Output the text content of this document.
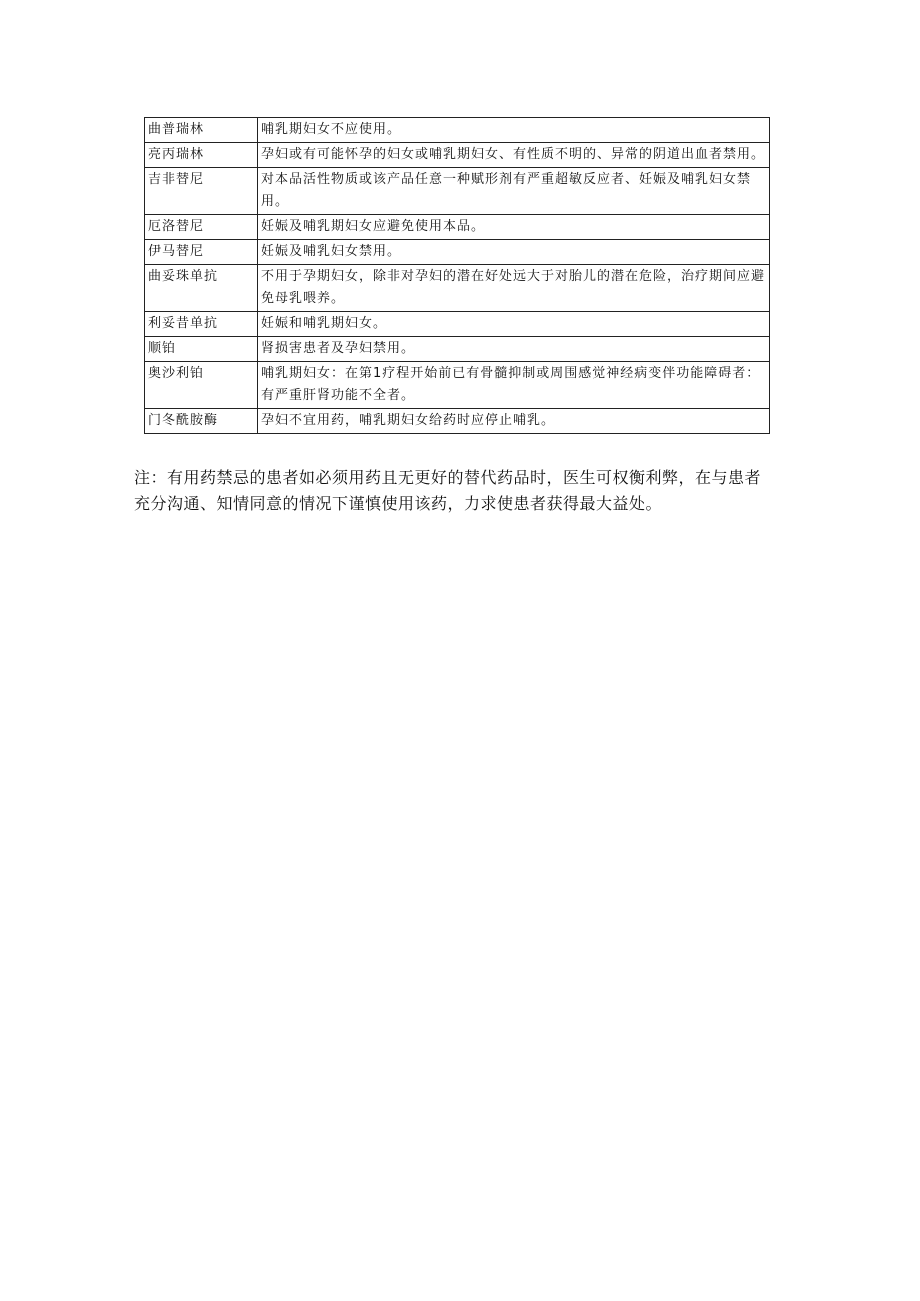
曲普瑞林	哺乳期妇女不应使用。
亮丙瑞林	孕妇或有可能怀孕的妇女或哺乳期妇女、有性质不明的、异常的阴道出血者禁用。
吉非替尼	对本品活性物质或该产品任意一种赋形剂有严重超敏反应者、妊娠及哺乳妇女禁用。
厄洛替尼	妊娠及哺乳期妇女应避免使用本品。
伊马替尼	妊娠及哺乳妇女禁用。
曲妥珠单抗	不用于孕期妇女，除非对孕妇的潜在好处远大于对胎儿的潜在危险，治疗期间应避免母乳喂养。
利妥昔单抗	妊娠和哺乳期妇女。
顺铂	肾损害患者及孕妇禁用。
奥沙利铂	哺乳期妇女：在第1疗程开始前已有骨髓抑制或周围感觉神经病变伴功能障碍者：有严重肝肾功能不全者。
门冬酰胺酶	孕妇不宜用药，哺乳期妇女给药时应停止哺乳。

注：有用药禁忌的患者如必须用药且无更好的替代药品时，医生可权衡利弊，在与患者充分沟通、知情同意的情况下谨慎使用该药，力求使患者获得最大益处。
